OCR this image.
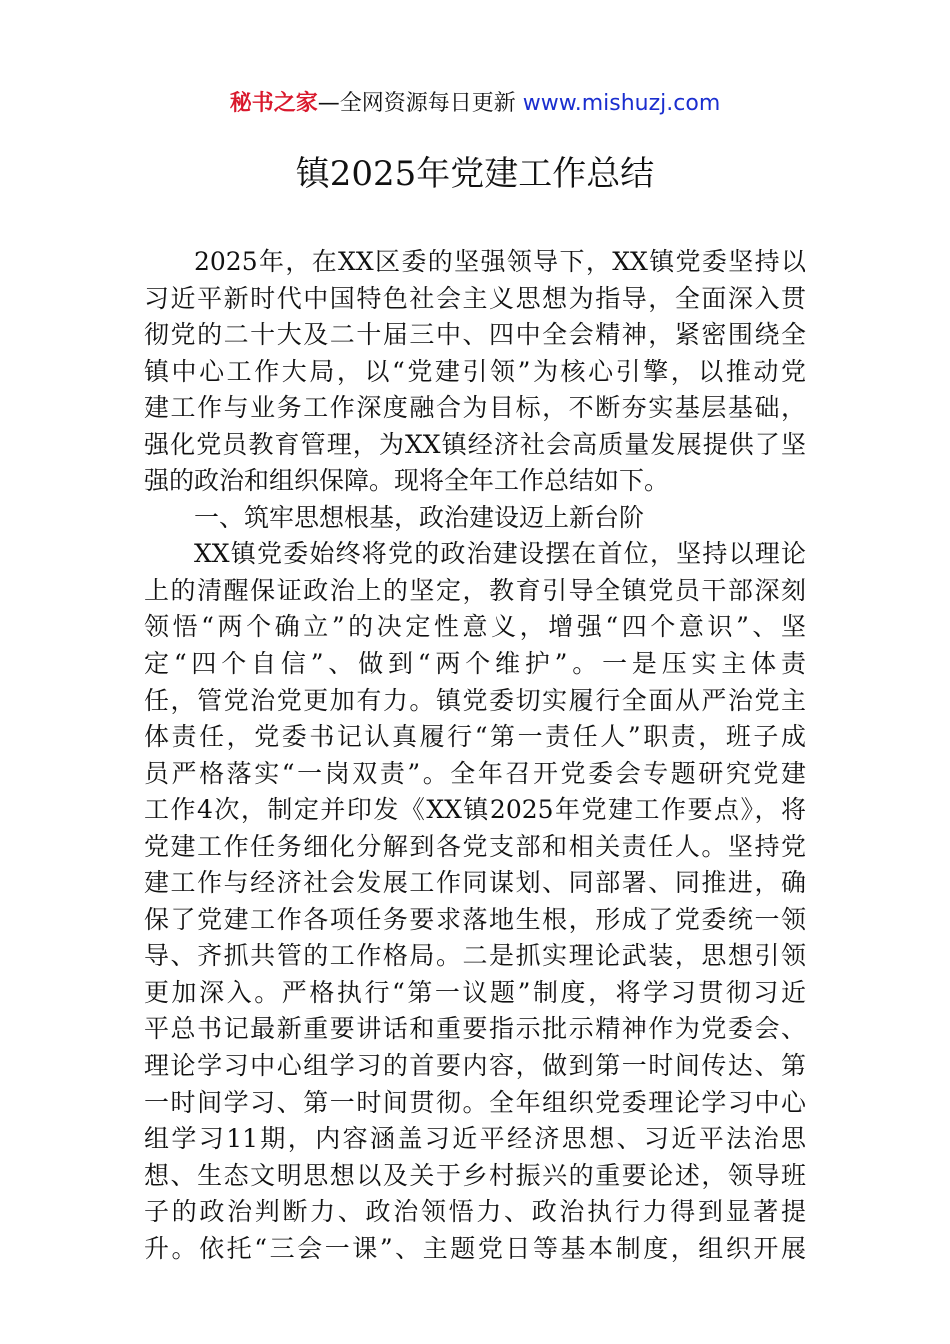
秘书之家—全网资源每日更新 www.mishuzj.com
镇2025年党建工作总结
2025年，在XX区委的坚强领导下，XX镇党委坚持以
习近平新时代中国特色社会主义思想为指导，全面深入贯
彻党的二十大及二十届三中、四中全会精神，紧密围绕全
镇中心工作大局，以“党建引领”为核心引擎，以推动党
建工作与业务工作深度融合为目标，不断夯实基层基础，
强化党员教育管理，为XX镇经济社会高质量发展提供了坚
强的政治和组织保障。现将全年工作总结如下。
一、筑牢思想根基，政治建设迈上新台阶
XX镇党委始终将党的政治建设摆在首位，坚持以理论
上的清醒保证政治上的坚定，教育引导全镇党员干部深刻
领悟“两个确立”的决定性意义，增强“四个意识”、坚
定“四个自信”、做到“两个维护”。一是压实主体责
任，管党治党更加有力。镇党委切实履行全面从严治党主
体责任，党委书记认真履行“第一责任人”职责，班子成
员严格落实“一岗双责”。全年召开党委会专题研究党建
工作4次，制定并印发《XX镇2025年党建工作要点》，将
党建工作任务细化分解到各党支部和相关责任人。坚持党
建工作与经济社会发展工作同谋划、同部署、同推进，确
保了党建工作各项任务要求落地生根，形成了党委统一领
导、齐抓共管的工作格局。二是抓实理论武装，思想引领
更加深入。严格执行“第一议题”制度，将学习贯彻习近
平总书记最新重要讲话和重要指示批示精神作为党委会、
理论学习中心组学习的首要内容，做到第一时间传达、第
一时间学习、第一时间贯彻。全年组织党委理论学习中心
组学习11期，内容涵盖习近平经济思想、习近平法治思
想、生态文明思想以及关于乡村振兴的重要论述，领导班
子的政治判断力、政治领悟力、政治执行力得到显著提
升。依托“三会一课”、主题党日等基本制度，组织开展
